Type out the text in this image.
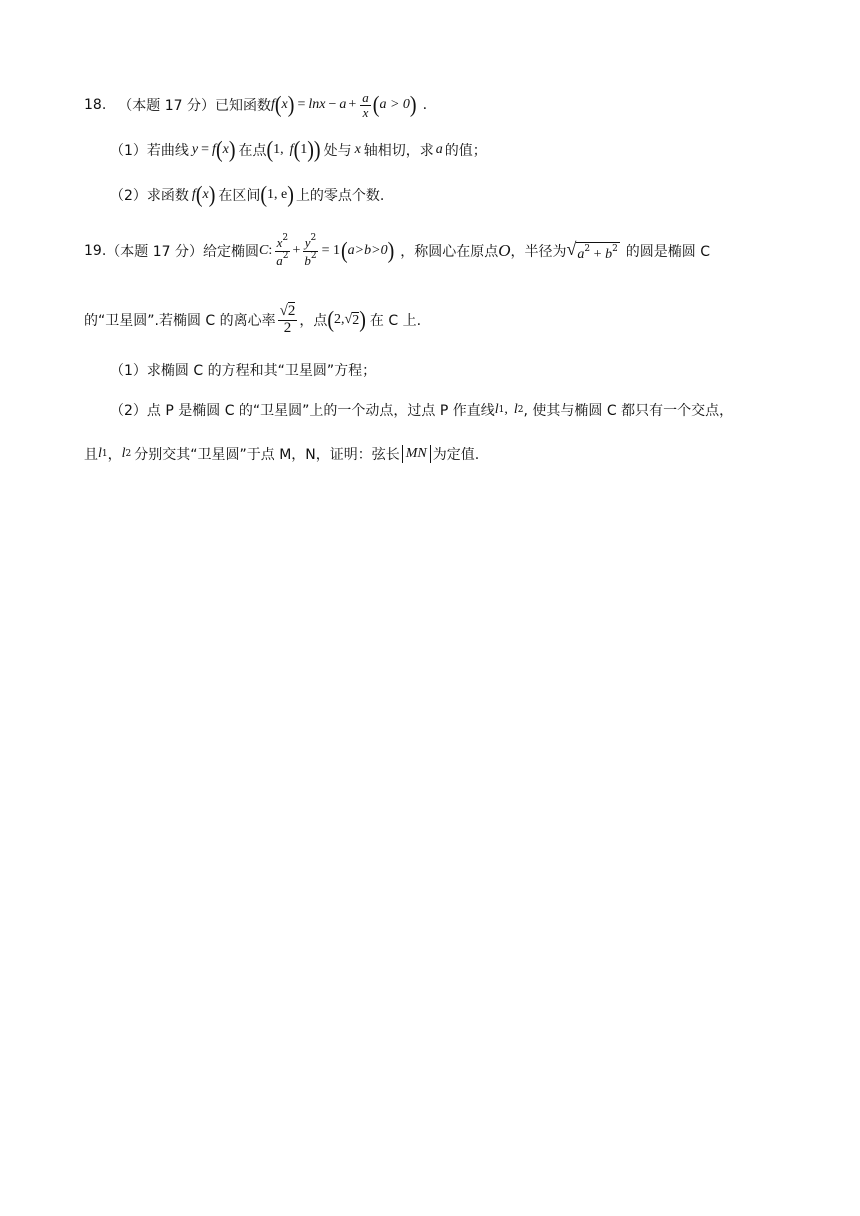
18. （本题 17 分） 已知函数 f ( x ) = $\ln x - a + \frac{a}{x}$ ( a > 0 ) .
（1）若曲线 y = f ( x ) 在点 ( 1, f ( 1 ) ) 处与 x 轴相切，求 a 的值；
（2）求函数 f ( x ) 在区间 ( 1, e ) 上的零点个数.
19. （本题 17 分） 给定椭圆 C : $\frac{x^2}{a^2} + \frac{y^2}{b^2} = 1$ ( a>b>0 ) ，称圆心在原点 O ，半径为 √ $a^2 + b^2$ 的圆是椭圆 C
的“卫星圆”.若椭圆 C 的离心率 $\frac{√2}{2}$ ，点 ( 2, √ 2 ) 在 C 上.
（1）求椭圆 C 的方程和其“卫星圆”方程；
（2）点 P 是椭圆 C 的“卫星圆”上的一个动点，过点 P 作直线 l 1 , l 2 , 使其与椭圆 C 都只有一个交点，
且 l 1 ， l 2 分别交其“卫星圆”于点 M，N，证明：弦长 MN 为定值.
